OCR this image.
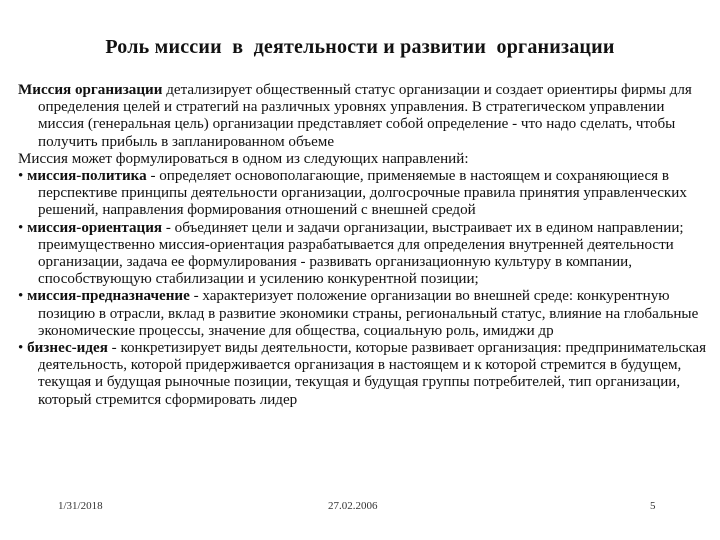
Роль миссии  в  деятельности и развитии  организации

Миссия организации детализирует общественный статус организации и создает ориентиры фирмы для определения целей и стратегий на различных уровнях управления. В стратегическом управлении миссия (генеральная цель) организации представляет собой определение - что надо сделать, чтобы получить прибыль в запланированном объеме

Миссия может формулироваться в одном из следующих направлений:

• миссия-политика - определяет основополагающие, применяемые в настоящем и сохраняющиеся в перспективе принципы деятельности организации, долгосрочные правила принятия управленческих решений, направления формирования отношений с внешней средой

• миссия-ориентация - объединяет цели и задачи организации, выстраивает их в едином направлении; преимущественно миссия-ориентация разрабатывается для определения внутренней деятельности организации, задача ее формулирования - развивать организационную культуру в компании, способствующую стабилизации и усилению конкурентной позиции;

• миссия-предназначение - характеризует положение организации во внешней среде: конкурентную позицию в отрасли, вклад в развитие экономики страны, региональный статус, влияние на глобальные экономические процессы, значение для общества, социальную роль, имиджи др

• бизнес-идея - конкретизирует виды деятельности, которые развивает организация: предпринимательская деятельность, которой придерживается организация в настоящем и к которой стремится в будущем, текущая и будущая рыночные позиции, текущая и будущая группы потребителей, тип организации, который стремится сформировать лидер

1/31/2018	27.02.2006	5
